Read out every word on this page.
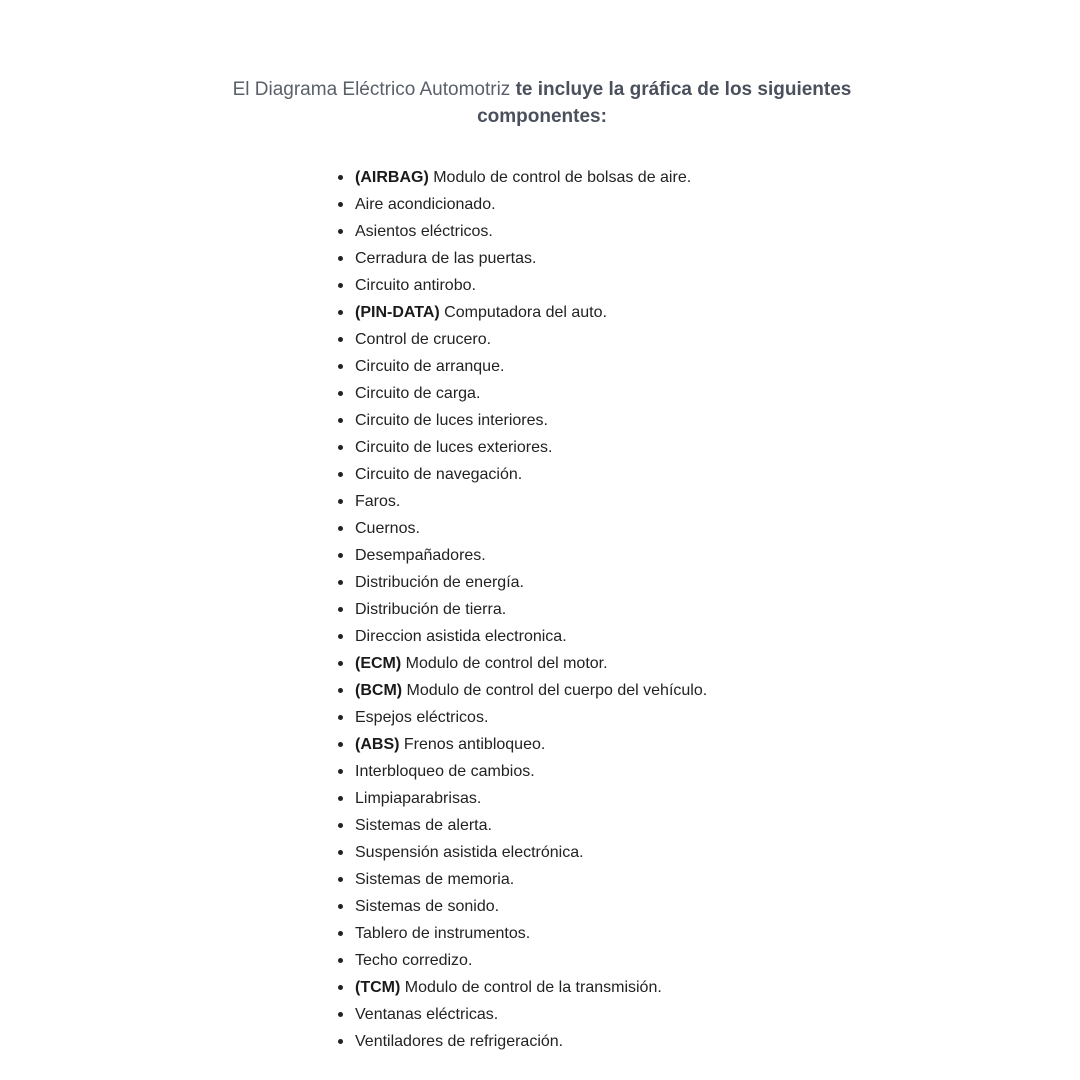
El Diagrama Eléctrico Automotriz te incluye la gráfica de los siguientes componentes:

(AIRBAG) Modulo de control de bolsas de aire.
Aire acondicionado.
Asientos eléctricos.
Cerradura de las puertas.
Circuito antirobo.
(PIN-DATA) Computadora del auto.
Control de crucero.
Circuito de arranque.
Circuito de carga.
Circuito de luces interiores.
Circuito de luces exteriores.
Circuito de navegación.
Faros.
Cuernos.
Desempañadores.
Distribución de energía.
Distribución de tierra.
Direccion asistida electronica.
(ECM) Modulo de control del motor.
(BCM) Modulo de control del cuerpo del vehículo.
Espejos eléctricos.
(ABS) Frenos antibloqueo.
Interbloqueo de cambios.
Limpiaparabrisas.
Sistemas de alerta.
Suspensión asistida electrónica.
Sistemas de memoria.
Sistemas de sonido.
Tablero de instrumentos.
Techo corredizo.
(TCM) Modulo de control de la transmisión.
Ventanas eléctricas.
Ventiladores de refrigeración.
